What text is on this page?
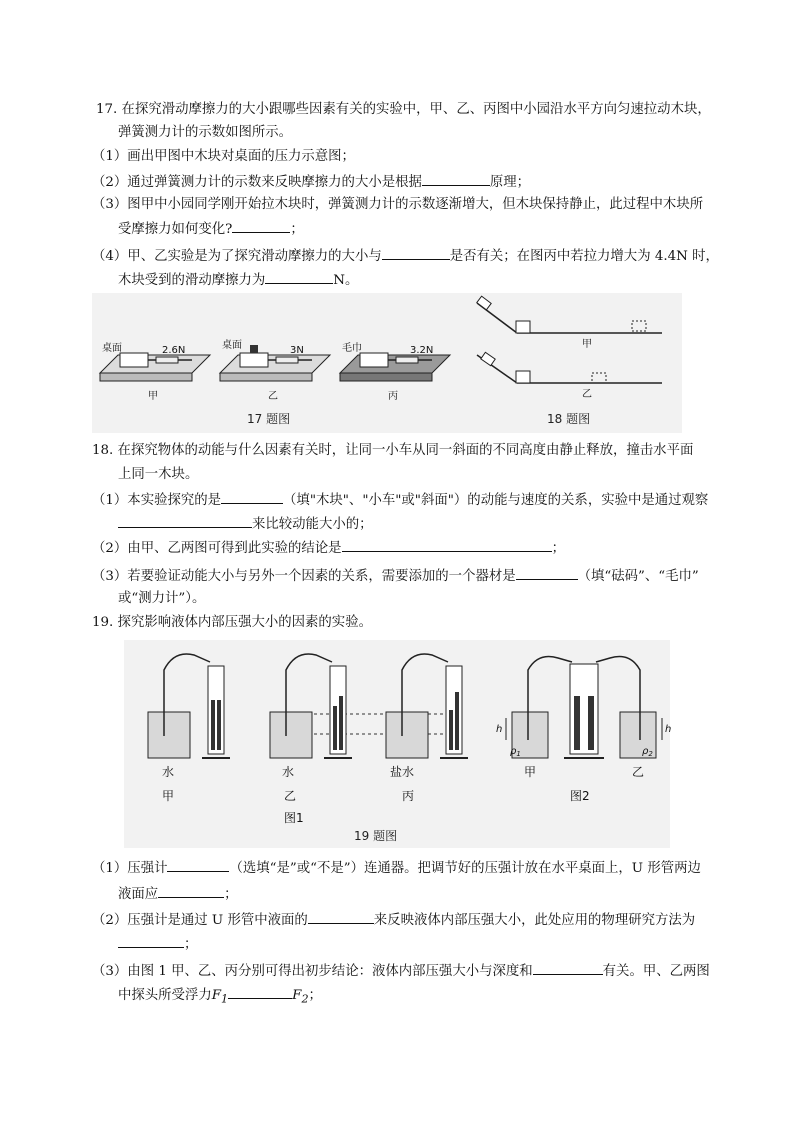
17. 在探究滑动摩擦力的大小跟哪些因素有关的实验中，甲、乙、丙图中小园沿水平方向匀速拉动木块，
弹簧测力计的示数如图所示。
（1）画出甲图中木块对桌面的压力示意图；
（2）通过弹簧测力计的示数来反映摩擦力的大小是根据	原理；
（3）图甲中小园同学刚开始拉木块时，弹簧测力计的示数逐渐增大，但木块保持静止，此过程中木块所
受摩擦力如何变化?	；
（4）甲、乙实验是为了探究滑动摩擦力的大小与	是否有关；在图丙中若拉力增大为 4.4N 时，
木块受到的滑动摩擦力为	N。
桌面	2.6N
甲
桌面	3N
乙
毛巾	3.2N
丙
17 题图
甲
乙
18 题图
18. 在探究物体的动能与什么因素有关时，让同一小车从同一斜面的不同高度由静止释放，撞击水平面
上同一木块。
（1）本实验探究的是	（填"木块"、"小车"或"斜面"）的动能与速度的关系，实验中是通过观察
来比较动能大小的；
（2）由甲、乙两图可得到此实验的结论是	；
（3）若要验证动能大小与另外一个因素的关系，需要添加的一个器材是	（填“砝码”、“毛巾”
或“测力计”）。
19. 探究影响液体内部压强大小的因素的实验。
水
甲
水
乙
盐水
丙
图1
h	h
$\rho_1$	$\rho_2$
甲	乙
图2
19 题图
（1）压强计	（选填“是”或“不是”）连通器。把调节好的压强计放在水平桌面上，U 形管两边
液面应	；
（2）压强计是通过 U 形管中液面的	来反映液体内部压强大小，此处应用的物理研究方法为
；
（3）由图 1 甲、乙、丙分别可得出初步结论：液体内部压强大小与深度和	有关。甲、乙两图
中探头所受浮力$F_1$	$F_2$；
